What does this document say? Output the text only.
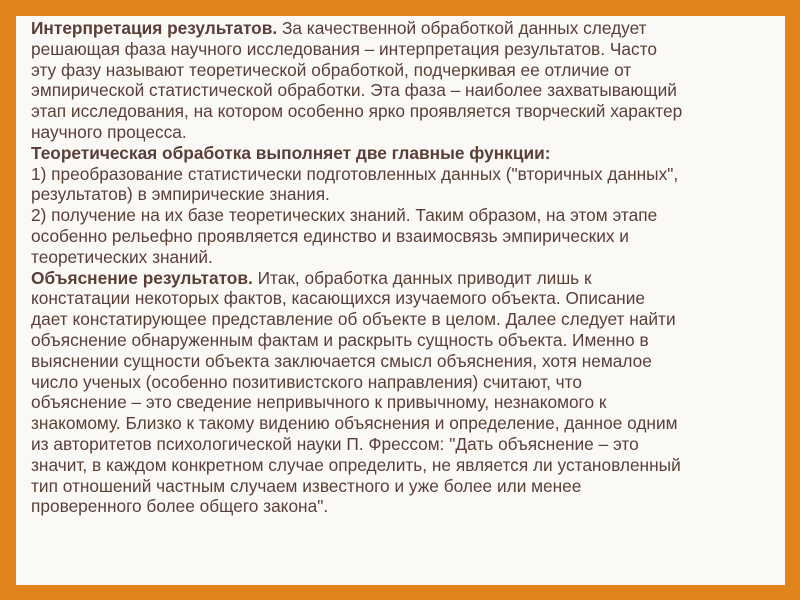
Интерпретация результатов. За качественной обработкой данных следует
решающая фаза научного исследования – интерпретация результатов. Часто
эту фазу называют теоретической обработкой, подчеркивая ее отличие от
эмпирической статистической обработки. Эта фаза – наиболее захватывающий
этап исследования, на котором особенно ярко проявляется творческий характер
научного процесса.
Теоретическая обработка выполняет две главные функции:
1) преобразование статистически подготовленных данных ("вторичных данных",
результатов) в эмпирические знания.
2) получение на их базе теоретических знаний. Таким образом, на этом этапе
особенно рельефно проявляется единство и взаимосвязь эмпирических и
теоретических знаний.
Объяснение результатов. Итак, обработка данных приводит лишь к
констатации некоторых фактов, касающихся изучаемого объекта. Описание
дает констатирующее представление об объекте в целом. Далее следует найти
объяснение обнаруженным фактам и раскрыть сущность объекта. Именно в
выяснении сущности объекта заключается смысл объяснения, хотя немалое
число ученых (особенно позитивистского направления) считают, что
объяснение – это сведение непривычного к привычному, незнакомого к
знакомому. Близко к такому видению объяснения и определение, данное одним
из авторитетов психологической науки П. Фрессом: "Дать объяснение – это
значит, в каждом конкретном случае определить, не является ли установленный
тип отношений частным случаем известного и уже более или менее
проверенного более общего закона".
